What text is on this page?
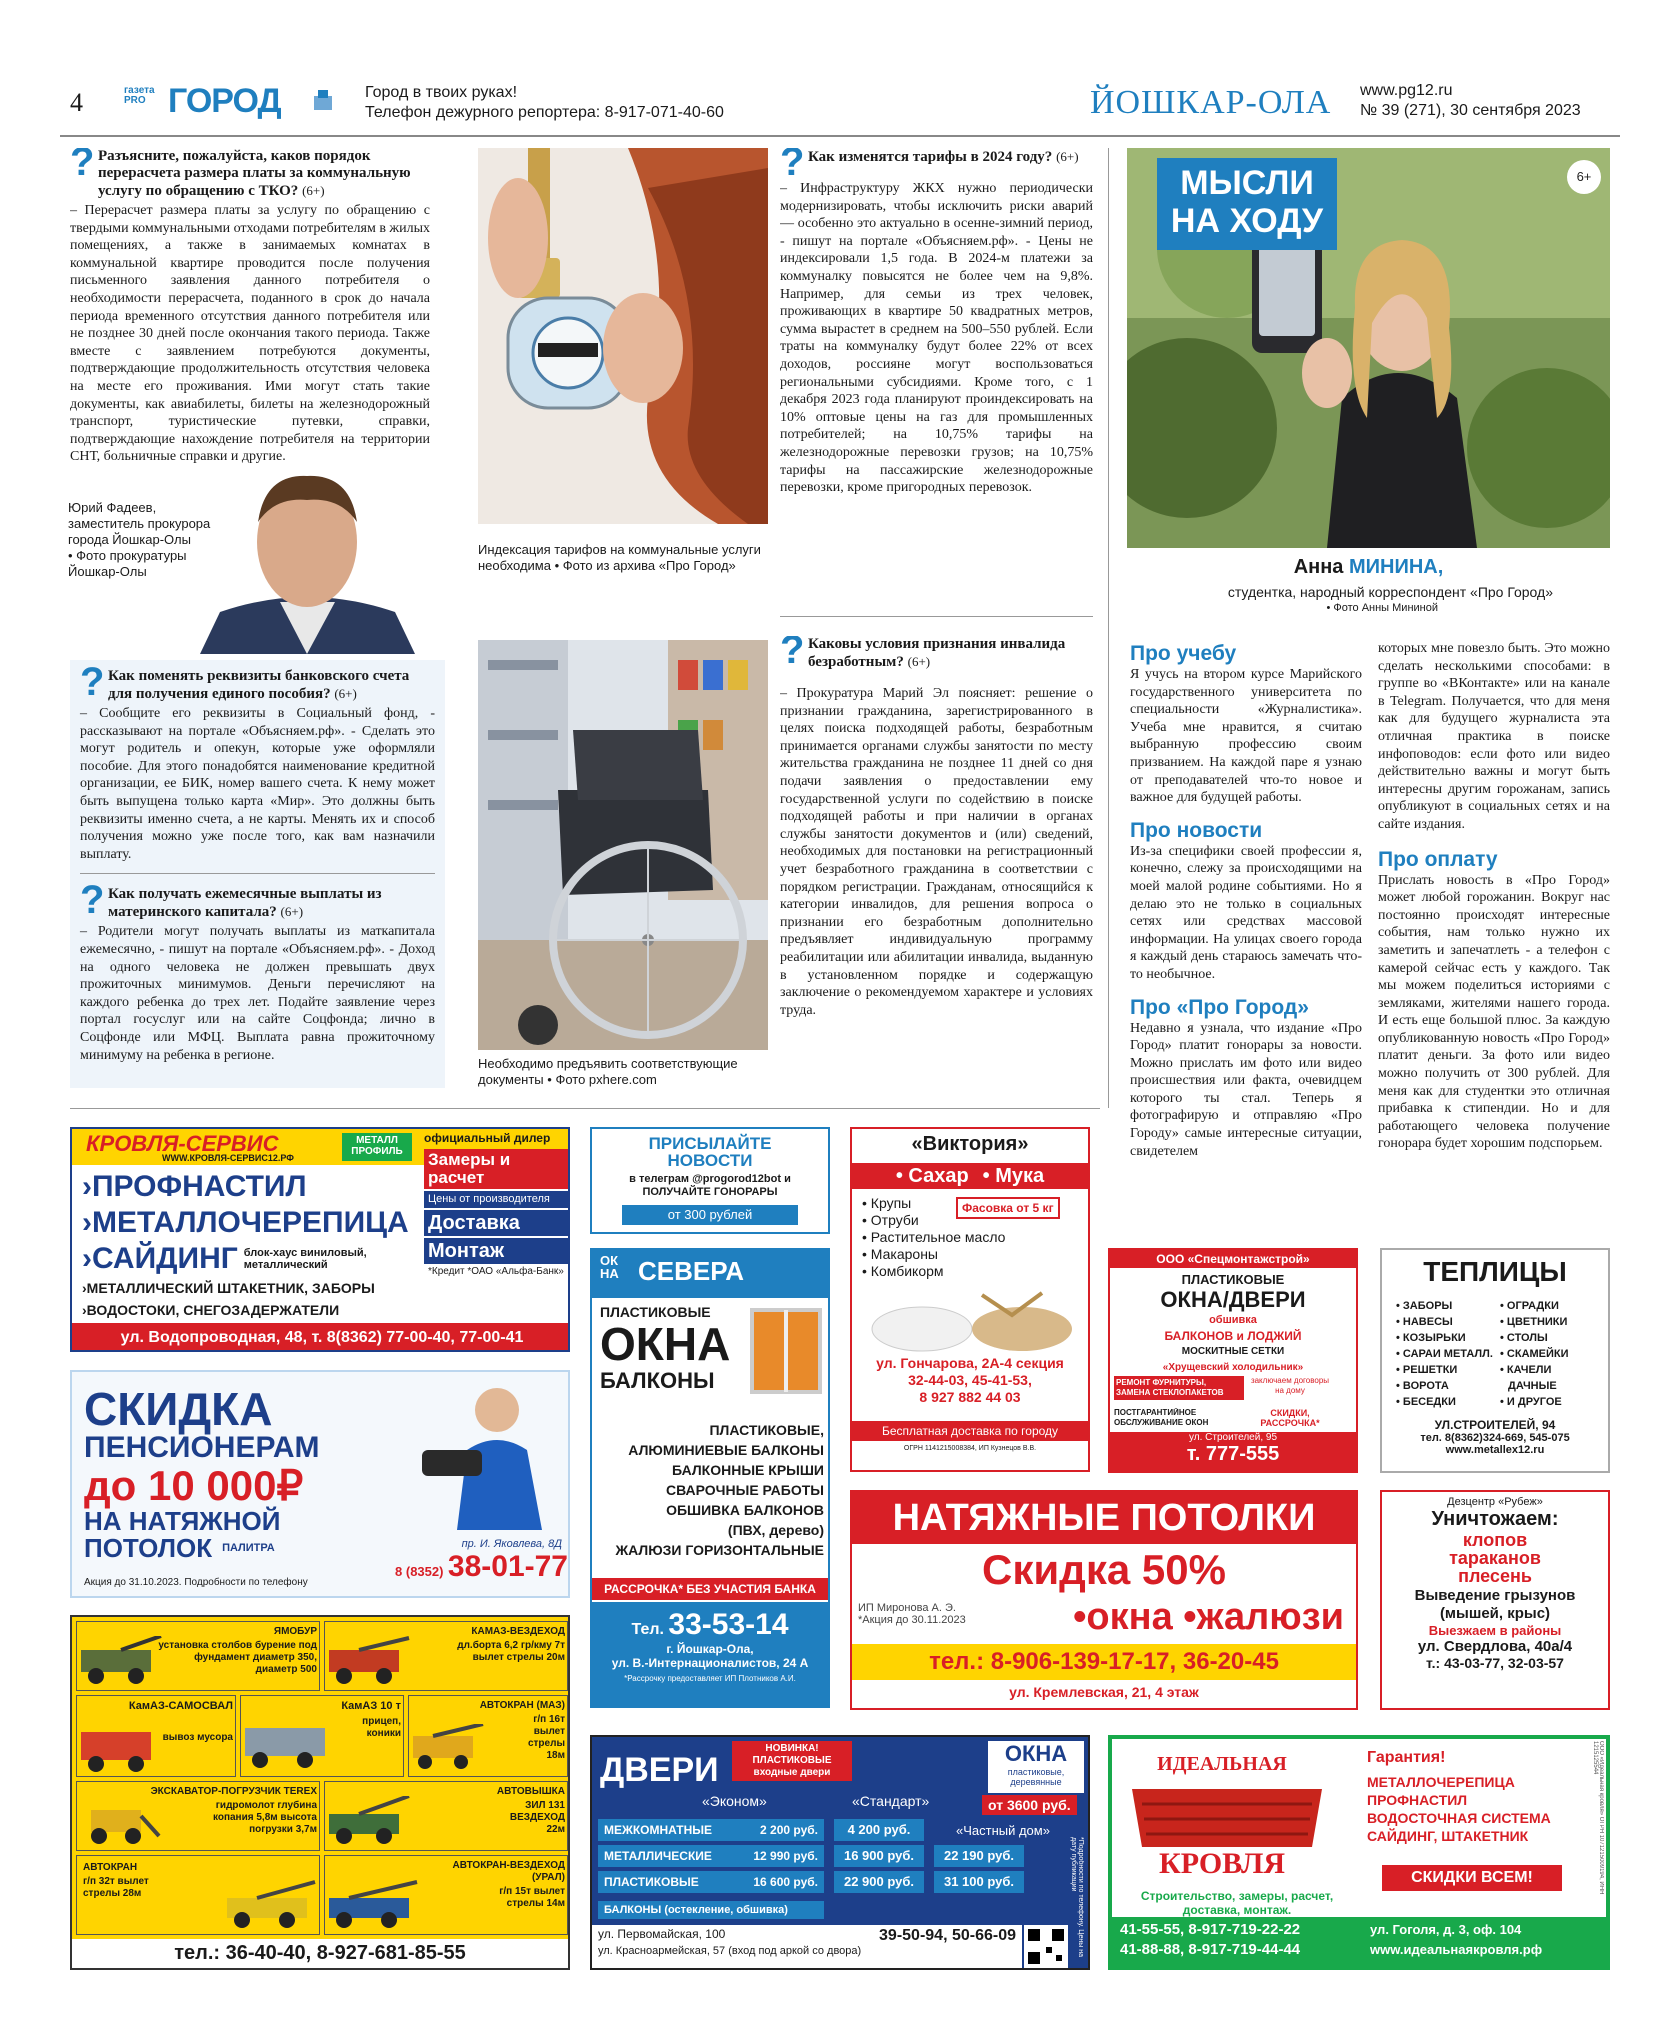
4	газета PRO ГОРОД	Город в твоих руках!
Телефон дежурного репортера: 8-917-071-40-60	ЙОШКАР-ОЛА www.pg12.ru
№ 39 (271), 30 сентября 2023
? Разъясните, пожалуйста, каков порядок перерасчета размера платы за коммунальную услугу по обращению с ТКО? (6+)
– Перерасчет размера платы за услугу по обращению с твердыми коммунальными отходами потребителям в жилых помещениях, а также в занимаемых комнатах в коммунальной квартире проводится после получения письменного заявления данного потребителя о необходимости перерасчета, поданного в срок до начала периода временного отсутствия данного потребителя или не позднее 30 дней после окончания такого периода. Также вместе с заявлением потребуются документы, подтверждающие продолжительность отсутствия человека на месте его проживания. Ими могут стать такие документы, как авиабилеты, билеты на железнодорожный транспорт, туристические путевки, справки, подтверждающие нахождение потребителя на территории СНТ, больничные справки и другие.
Юрий Фадеев, заместитель прокурора города Йошкар-Олы
• Фото прокуратуры Йошкар-Олы
? Как поменять реквизиты банковского счета для получения единого пособия? (6+)
– Сообщите его реквизиты в Социальный фонд, - рассказывают на портале «Объясняем.рф». - Сделать это могут родитель и опекун, которые уже оформляли пособие. Для этого понадобятся наименование кредитной организации, ее БИК, номер вашего счета. К нему может быть выпущена только карта «Мир». Это должны быть реквизиты именно счета, а не карты. Менять их и способ получения можно уже после того, как вам назначили выплату.
? Как получать ежемесячные выплаты из материнского капитала? (6+)
– Родители могут получать выплаты из маткапитала ежемесячно, - пишут на портале «Объясняем.рф». - Доход на одного человека не должен превышать двух прожиточных минимумов. Деньги перечисляют на каждого ребенка до трех лет. Подайте заявление через портал госуслуг или на сайте Соцфонда; лично в Соцфонде или МФЦ. Выплата равна прожиточному минимуму на ребенка в регионе.
Индексация тарифов на коммунальные услуги необходима • Фото из архива «Про Город»
Необходимо предъявить соответствующие документы • Фото pxhere.com
? Как изменятся тарифы в 2024 году? (6+)
– Инфраструктуру ЖКХ нужно периодически модернизировать, чтобы исключить риски аварий — особенно это актуально в осенне-зимний период, - пишут на портале «Объясняем.рф». - Цены не индексировали 1,5 года. В 2024-м платежи за коммуналку повысятся не более чем на 9,8%. Например, для семьи из трех человек, проживающих в квартире 50 квадратных метров, сумма вырастет в среднем на 500–550 рублей. Если траты на коммуналку будут более 22% от всех доходов, россияне могут воспользоваться региональными субсидиями. Кроме того, с 1 декабря 2023 года планируют проиндексировать на 10% оптовые цены на газ для промышленных потребителей; на 10,75% тарифы на железнодорожные перевозки грузов; на 10,75% тарифы на пассажирские железнодорожные перевозки, кроме пригородных перевозок.
? Каковы условия признания инвалида безработным? (6+)
– Прокуратура Марий Эл поясняет: решение о признании гражданина, зарегистрированного в целях поиска подходящей работы, безработным принимается органами службы занятости по месту жительства гражданина не позднее 11 дней со дня подачи заявления о предоставлении ему государственной услуги по содействию в поиске подходящей работы и при наличии в органах службы занятости документов и (или) сведений, необходимых для постановки на регистрационный учет безработного гражданина в соответствии с порядком регистрации. Гражданам, относящийся к категории инвалидов, для решения вопроса о признании его безработным дополнительно предъявляет индивидуальную программу реабилитации или абилитации инвалида, выданную в установленном порядке и содержащую заключение о рекомендуемом характере и условиях труда.
МЫСЛИ
НА ХОДУ
6+
Анна МИНИНА,
студентка, народный корреспондент «Про Город»
• Фото Анны Мининой
Про учебу
Я учусь на втором курсе Марийского государственного университета по специальности «Журналистика». Учеба мне нравится, я считаю выбранную профессию своим призванием. На каждой паре я узнаю от преподавателей что-то новое и важное для будущей работы.
Про новости
Из-за специфики своей профессии я, конечно, слежу за происходящими на моей малой родине событиями. Но я делаю это не только в социальных сетях или средствах массовой информации. На улицах своего города я каждый день стараюсь замечать что-то необычное.
Про «Про Город»
Недавно я узнала, что издание «Про Город» платит гонорары за новости. Можно прислать им фото или видео происшествия или факта, очевидцем которого ты стал. Теперь я фотографирую и отправляю «Про Городу» самые интересные ситуации, свидетелем
которых мне повезло быть. Это можно сделать несколькими способами: в группе во «ВКонтакте» или на канале в Telegram. Получается, что для меня как для будущего журналиста эта отличная практика в поиске инфоповодов: если фото или видео действительно важны и могут быть интересны другим горожанам, запись опубликуют в социальных сетях и на сайте издания.
Про оплату
Прислать новость в «Про Город» может любой горожанин. Вокруг нас постоянно происходят интересные события, нам только нужно их заметить и запечатлеть - а телефон с камерой сейчас есть у каждого. Так мы можем поделиться историями с земляками, жителями нашего города. И есть еще большой плюс. За каждую опубликованную новость «Про Город» платит деньги. За фото или видео можно получить от 300 рублей. Для меня как для студентки это отличная прибавка к стипендии. Но и для работающего человека получение гонорара будет хорошим подспорьем.
КРОВЛЯ-СЕРВИС
WWW.КРОВЛЯ-СЕРВИС12.РФ
МЕТАЛЛ ПРОФИЛЬ
официальный дилер
›ПРОФНАСТИЛ
›МЕТАЛЛОЧЕРЕПИЦА
›САЙДИНГ блок-хаус виниловый, металлический
›МЕТАЛЛИЧЕСКИЙ ШТАКЕТНИК, ЗАБОРЫ
›ВОДОСТОКИ, СНЕГОЗАДЕРЖАТЕЛИ
Замеры и расчет
Цены от производителя
Доставка
Монтаж
*Кредит *ОАО «Альфа-Банк»
ул. Водопроводная, 48, т. 8(8362) 77-00-40, 77-00-41
ПРИСЫЛАЙТЕ НОВОСТИ
в телеграм @progorod12bot и ПОЛУЧАЙТЕ ГОНОРАРЫ
от 300 рублей
«Виктория»
• Сахар • Мука
• Крупы
• Отруби
• Растительное масло
• Макароны
• Комбикорм
Фасовка от 5 кг
ул. Гончарова, 2А-4 секция
32-44-03, 45-41-53,
8 927 882 44 03
Бесплатная доставка по городу
ОГРН 1141215008384, ИП Кузнецов В.В.
ОК НА СЕВЕРА
ПЛАСТИКОВЫЕ
ОКНА
БАЛКОНЫ
ПЛАСТИКОВЫЕ,
АЛЮМИНИЕВЫЕ БАЛКОНЫ
БАЛКОННЫЕ КРЫШИ
СВАРОЧНЫЕ РАБОТЫ
ОБШИВКА БАЛКОНОВ
(ПВХ, дерево)
ЖАЛЮЗИ ГОРИЗОНТАЛЬНЫЕ
РАССРОЧКА* БЕЗ УЧАСТИЯ БАНКА
Тел. 33-53-14
г. Йошкар-Ола,
ул. В.-Интернационалистов, 24 А
*Рассрочку предоставляет ИП Плотников А.И.
ООО «Спецмонтажстрой»
ПЛАСТИКОВЫЕ
ОКНА/ДВЕРИ
обшивка
БАЛКОНОВ и ЛОДЖИЙ
МОСКИТНЫЕ СЕТКИ
«Хрущевский холодильник»
РЕМОНТ ФУРНИТУРЫ, ЗАМЕНА СТЕКЛОПАКЕТОВ
заключаем договоры на дому
ПОСТГАРАНТИЙНОЕ ОБСЛУЖИВАНИЕ ОКОН
СКИДКИ, РАССРОЧКА*
ул. Строителей, 95
т. 777-555
ТЕПЛИЦЫ
• ЗАБОРЫ
• НАВЕСЫ
• КОЗЫРЬКИ
• САРАИ МЕТАЛЛ.
• РЕШЕТКИ
• ВОРОТА
• БЕСЕДКИ
• ОГРАДКИ
• ЦВЕТНИКИ
• СТОЛЫ
• СКАМЕЙКИ
• КАЧЕЛИ
ДАЧНЫЕ
• И ДРУГОЕ
УЛ.СТРОИТЕЛЕЙ, 94
тел. 8(8362)324-669, 545-075
www.metallex12.ru
СКИДКА
ПЕНСИОНЕРАМ
до 10 000₽
НА НАТЯЖНОЙ
ПОТОЛОК ПАЛИТРА	пр. И. Яковлева, 8Д
8 (8352) 38-01-77
Акция до 31.10.2023. Подробности по телефону
НАТЯЖНЫЕ ПОТОЛКИ
Скидка 50%
ИП Миронова А. Э.
*Акция до 30.11.2023	•окна •жалюзи
тел.: 8-906-139-17-17, 36-20-45
ул. Кремлевская, 21, 4 этаж
Дезцентр «Рубеж»
Уничтожаем:
клопов
тараканов
плесень
Выведение грызунов
(мышей, крыс)
Выезжаем в районы
ул. Свердлова, 40а/4
т.: 43-03-77, 32-03-57
ЯМОБУР
установка столбов бурение под фундамент диаметр 350, диаметр 500
КАМАЗ-ВЕЗДЕХОД
дл.борта 6,2 гр/кму 7т вылет стрелы 20м
КамАЗ-САМОСВАЛ
вывоз мусора
КамАЗ 10 т
прицеп, коники
АВТОКРАН (МАЗ)
г/п 16т вылет стрелы 18м
ЭКСКАВАТОР-ПОГРУЗЧИК TEREX
гидромолот глубина копания 5,8м высота погрузки 3,7м
АВТОВЫШКА
ЗИЛ 131 ВЕЗДЕХОД 22м
АВТОКРАН
г/п 32т вылет стрелы 28м
АВТОКРАН-ВЕЗДЕХОД (УРАЛ)
г/п 15т вылет стрелы 14м
тел.: 36-40-40, 8-927-681-85-55
ДВЕРИ
НОВИНКА! ПЛАСТИКОВЫЕ входные двери
ОКНА
пластиковые, деревянные
«Эконом»	«Стандарт»	от 3600 руб.
«Частный дом»
МЕЖКОМНАТНЫЕ	2 200 руб.	4 200 руб.
МЕТАЛЛИЧЕСКИЕ	12 990 руб.	16 900 руб.	22 190 руб.
ПЛАСТИКОВЫЕ	16 600 руб.	22 900 руб.	31 100 руб.
БАЛКОНЫ (остекление, обшивка)
ул. Первомайская, 100	39-50-94, 50-66-09
ул. Красноармейская, 57 (вход под аркой со двора)	*Подробности по телефону. Цены на дату публикации
ИДЕАЛЬНАЯ
КРОВЛЯ
Гарантия!
МЕТАЛЛОЧЕРЕПИЦА
ПРОФНАСТИЛ
ВОДОСТОЧНАЯ СИСТЕМА
САЙДИНГ, ШТАКЕТНИК
Строительство, замеры, расчет, доставка, монтаж.
СКИДКИ ВСЕМ!
41-55-55, 8-917-719-22-22
41-88-88, 8-917-719-44-44
ул. Гоголя, д. 3, оф. 104
www.идеальнаякровля.рф
ООО «Идеальная кровля» ОГРН 1071215009194, ИНН 1215125544
